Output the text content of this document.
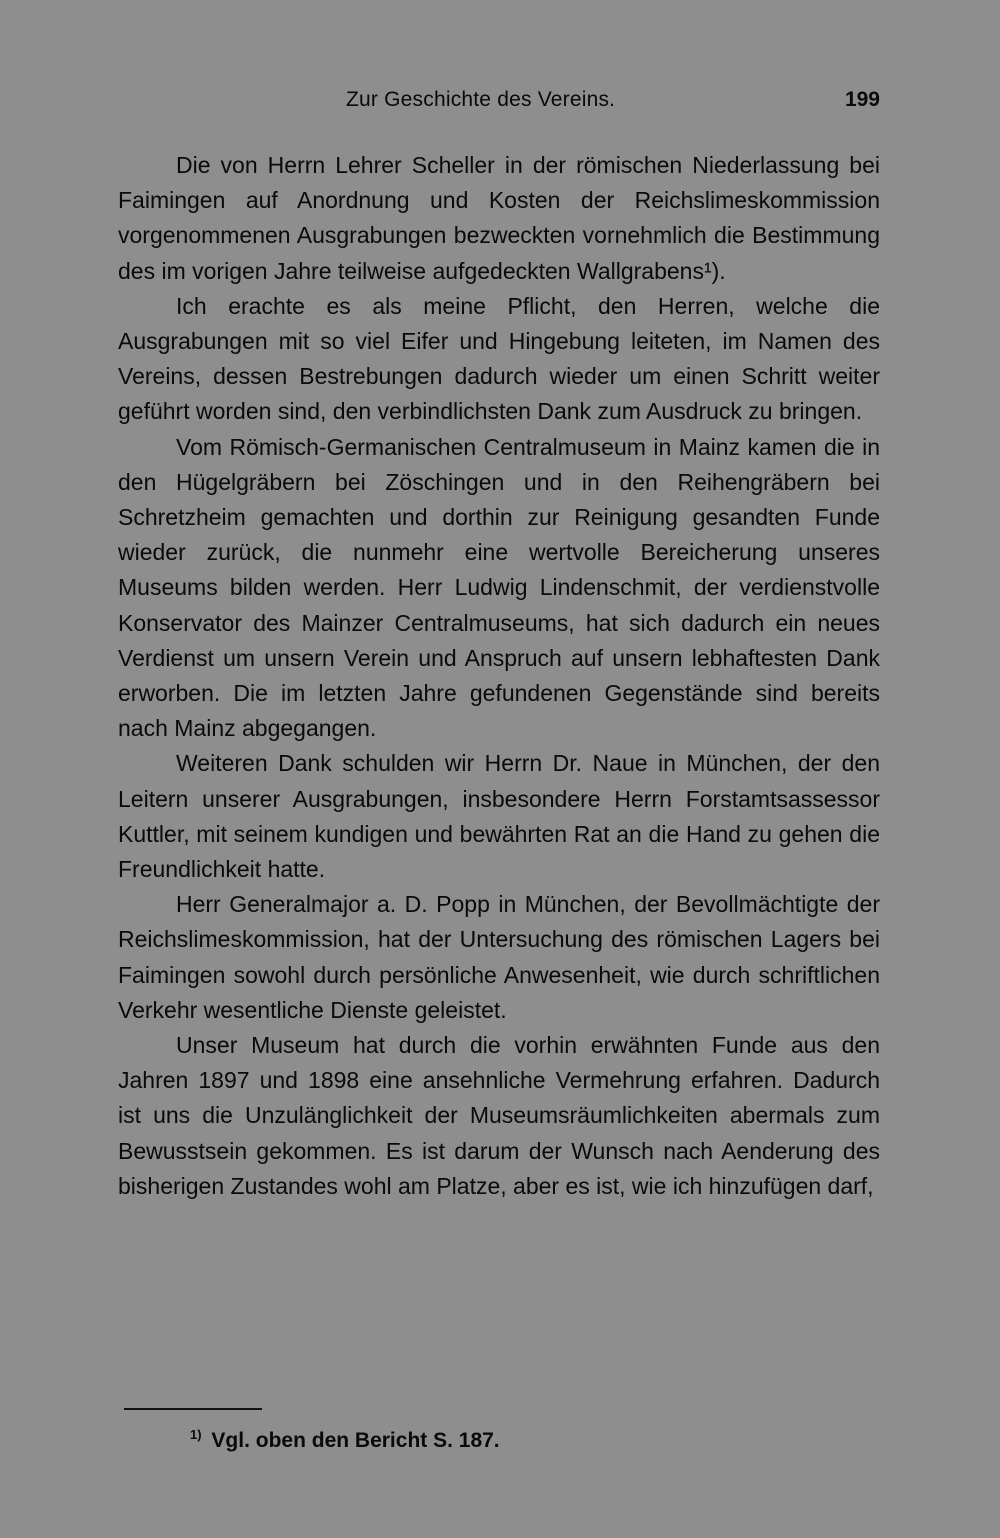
Zur Geschichte des Vereins.	199

Die von Herrn Lehrer Scheller in der römischen Niederlassung bei Faimingen auf Anordnung und Kosten der Reichslimeskommission vorgenommenen Ausgrabungen bezweckten vornehmlich die Bestimmung des im vorigen Jahre teilweise aufgedeckten Wallgrabens¹).

Ich erachte es als meine Pflicht, den Herren, welche die Ausgrabungen mit so viel Eifer und Hingebung leiteten, im Namen des Vereins, dessen Bestrebungen dadurch wieder um einen Schritt weiter geführt worden sind, den verbindlichsten Dank zum Ausdruck zu bringen.

Vom Römisch-Germanischen Centralmuseum in Mainz kamen die in den Hügelgräbern bei Zöschingen und in den Reihengräbern bei Schretzheim gemachten und dorthin zur Reinigung gesandten Funde wieder zurück, die nunmehr eine wertvolle Bereicherung unseres Museums bilden werden. Herr Ludwig Lindenschmit, der verdienstvolle Konservator des Mainzer Centralmuseums, hat sich dadurch ein neues Verdienst um unsern Verein und Anspruch auf unsern lebhaftesten Dank erworben. Die im letzten Jahre gefundenen Gegenstände sind bereits nach Mainz abgegangen.

Weiteren Dank schulden wir Herrn Dr. Naue in München, der den Leitern unserer Ausgrabungen, insbesondere Herrn Forstamtsassessor Kuttler, mit seinem kundigen und bewährten Rat an die Hand zu gehen die Freundlichkeit hatte.

Herr Generalmajor a. D. Popp in München, der Bevollmächtigte der Reichslimeskommission, hat der Untersuchung des römischen Lagers bei Faimingen sowohl durch persönliche Anwesenheit, wie durch schriftlichen Verkehr wesentliche Dienste geleistet.

Unser Museum hat durch die vorhin erwähnten Funde aus den Jahren 1897 und 1898 eine ansehnliche Vermehrung erfahren. Dadurch ist uns die Unzulänglichkeit der Museumsräumlichkeiten abermals zum Bewusstsein gekommen. Es ist darum der Wunsch nach Aenderung des bisherigen Zustandes wohl am Platze, aber es ist, wie ich hinzufügen darf,

$^{1)}$ Vgl. oben den Bericht S. 187.
